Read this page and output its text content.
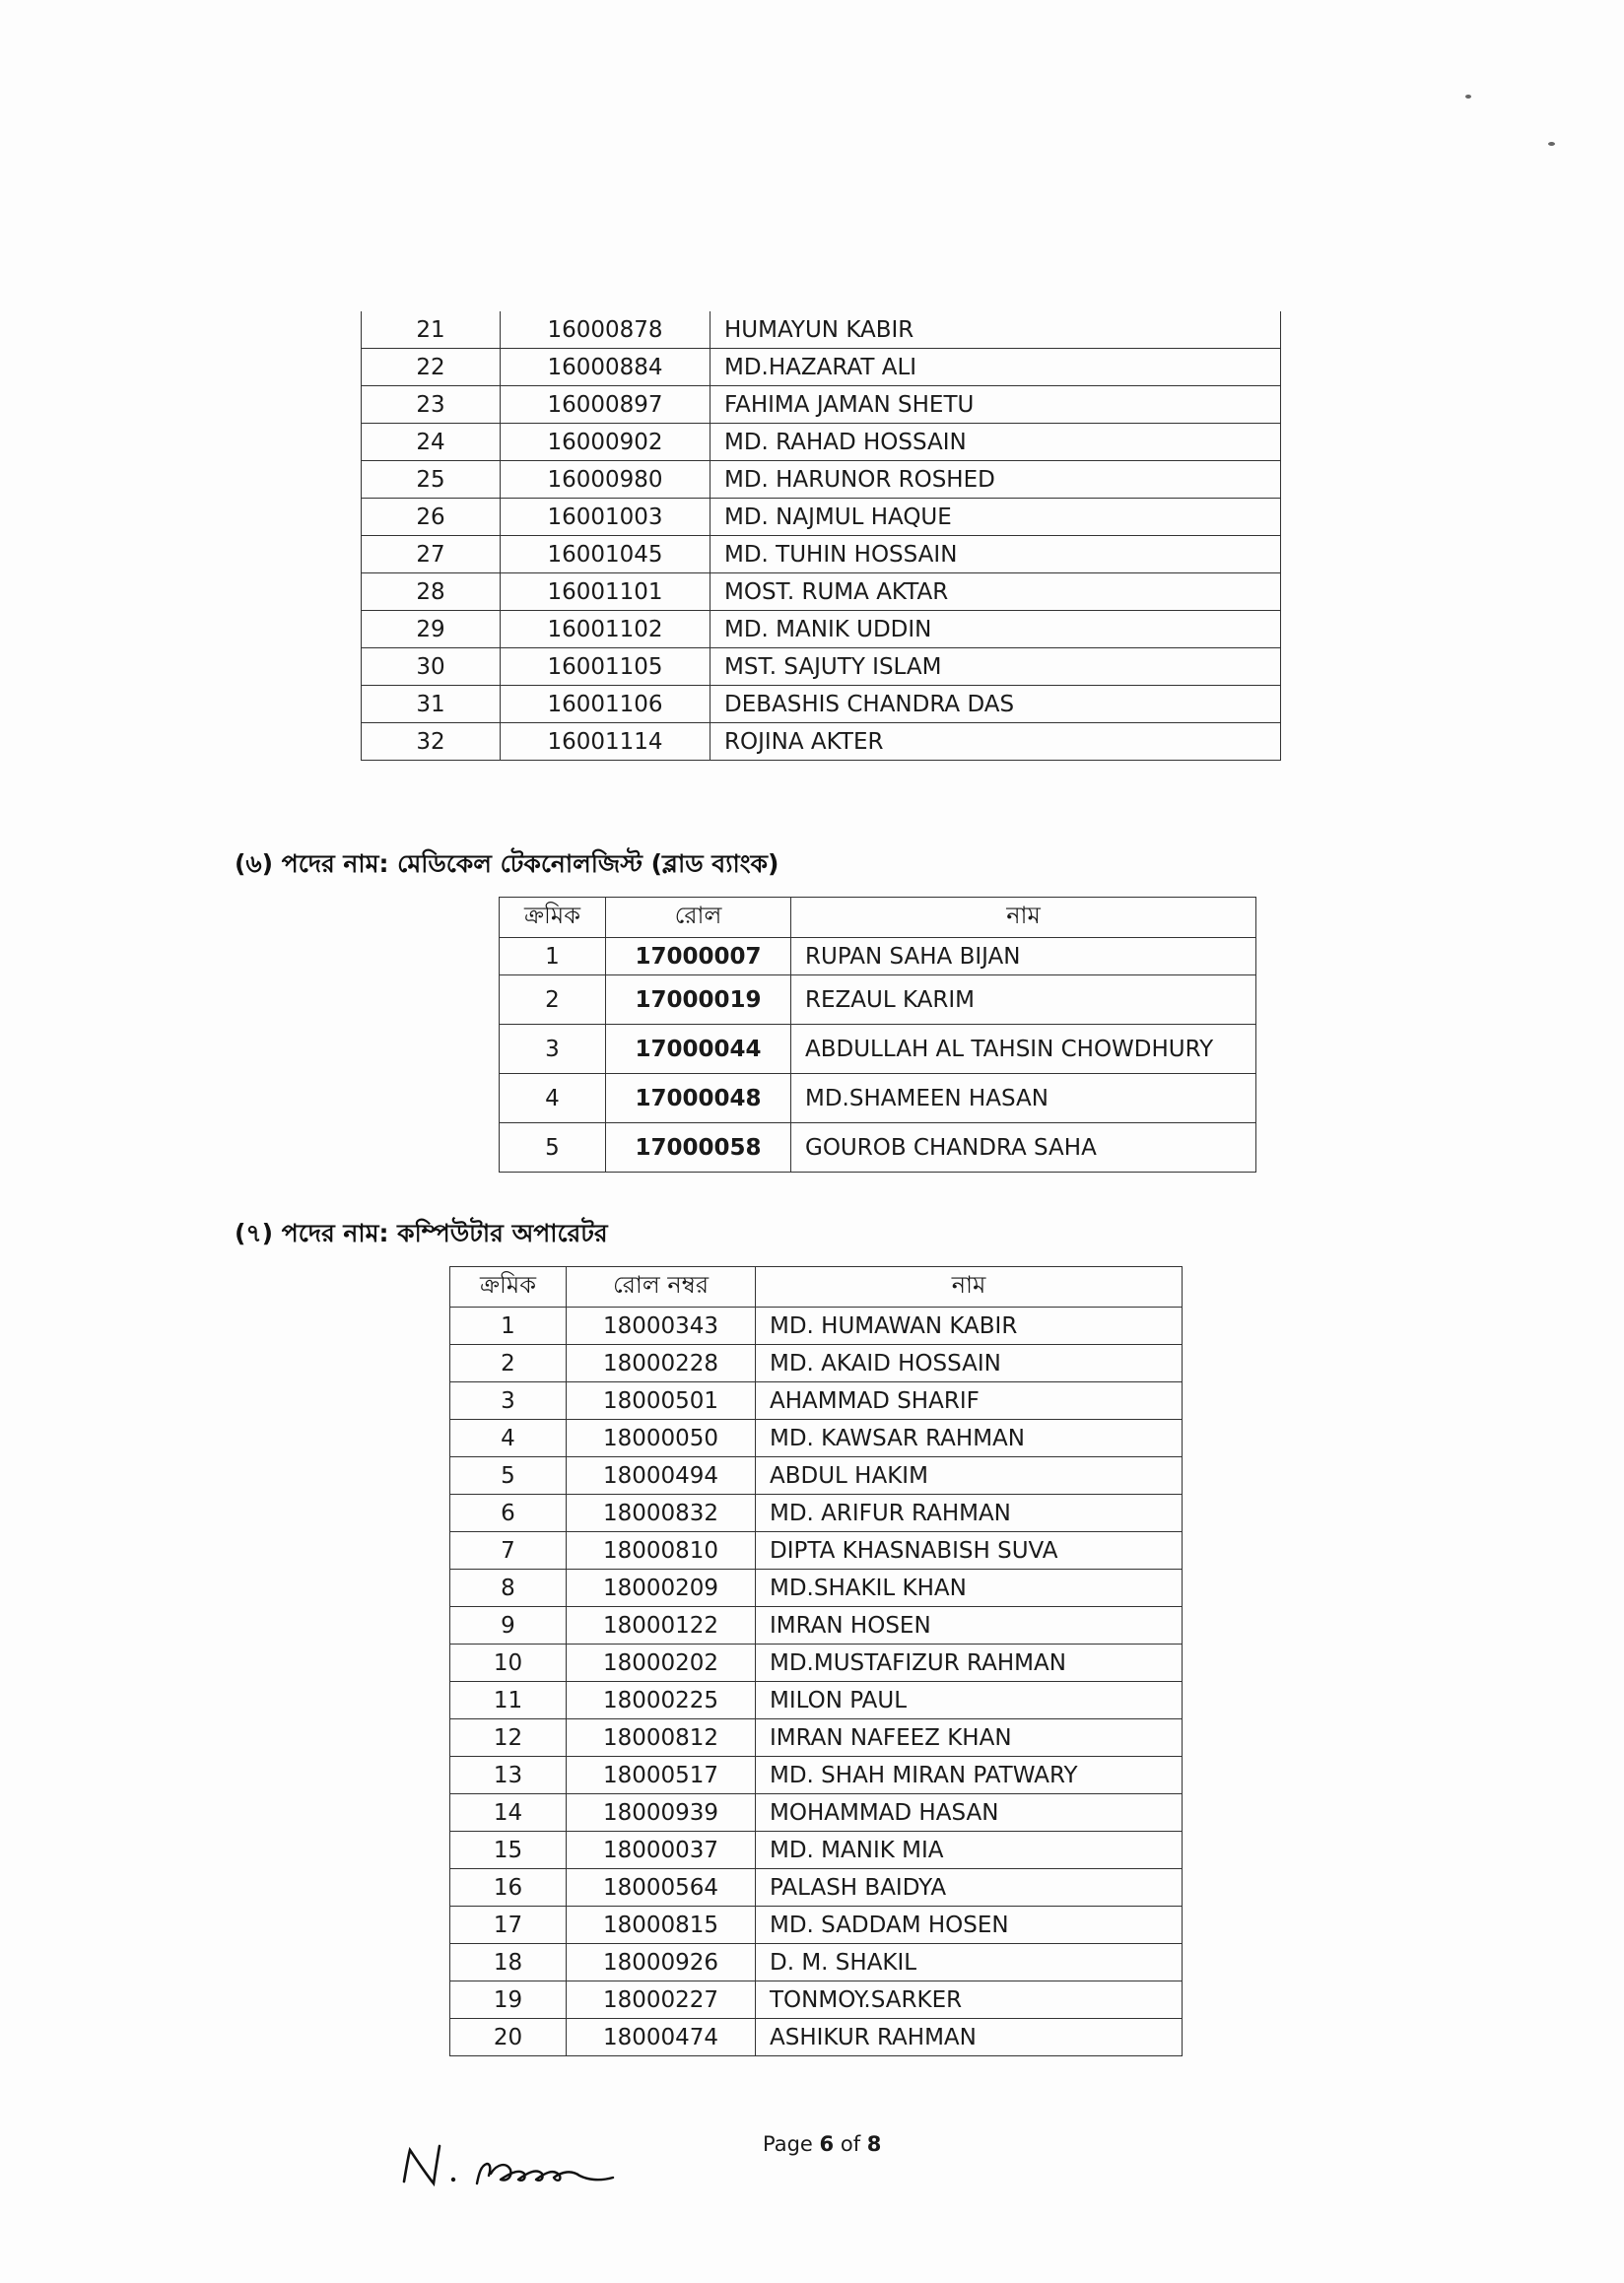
21	16000878	HUMAYUN KABIR
22	16000884	MD.HAZARAT ALI
23	16000897	FAHIMA JAMAN SHETU
24	16000902	MD. RAHAD HOSSAIN
25	16000980	MD. HARUNOR ROSHED
26	16001003	MD. NAJMUL HAQUE
27	16001045	MD. TUHIN HOSSAIN
28	16001101	MOST. RUMA AKTAR
29	16001102	MD. MANIK UDDIN
30	16001105	MST. SAJUTY ISLAM
31	16001106	DEBASHIS CHANDRA DAS
32	16001114	ROJINA AKTER
(৬) পদের নাম: মেডিকেল টেকনোলজিস্ট (ব্লাড ব্যাংক)
ক্রমিক	রোল	নাম
1	17000007	RUPAN SAHA BIJAN
2	17000019	REZAUL KARIM
3	17000044	ABDULLAH AL TAHSIN CHOWDHURY
4	17000048	MD.SHAMEEN HASAN
5	17000058	GOUROB CHANDRA SAHA
(৭) পদের নাম: কম্পিউটার অপারেটর
ক্রমিক	রোল নম্বর	নাম
1	18000343	MD. HUMAWAN KABIR
2	18000228	MD. AKAID HOSSAIN
3	18000501	AHAMMAD SHARIF
4	18000050	MD. KAWSAR RAHMAN
5	18000494	ABDUL HAKIM
6	18000832	MD. ARIFUR RAHMAN
7	18000810	DIPTA KHASNABISH SUVA
8	18000209	MD.SHAKIL KHAN
9	18000122	IMRAN HOSEN
10	18000202	MD.MUSTAFIZUR RAHMAN
11	18000225	MILON PAUL
12	18000812	IMRAN NAFEEZ KHAN
13	18000517	MD. SHAH MIRAN PATWARY
14	18000939	MOHAMMAD HASAN
15	18000037	MD. MANIK MIA
16	18000564	PALASH BAIDYA
17	18000815	MD. SADDAM HOSEN
18	18000926	D. M. SHAKIL
19	18000227	TONMOY.SARKER
20	18000474	ASHIKUR RAHMAN
Page 6 of 8
